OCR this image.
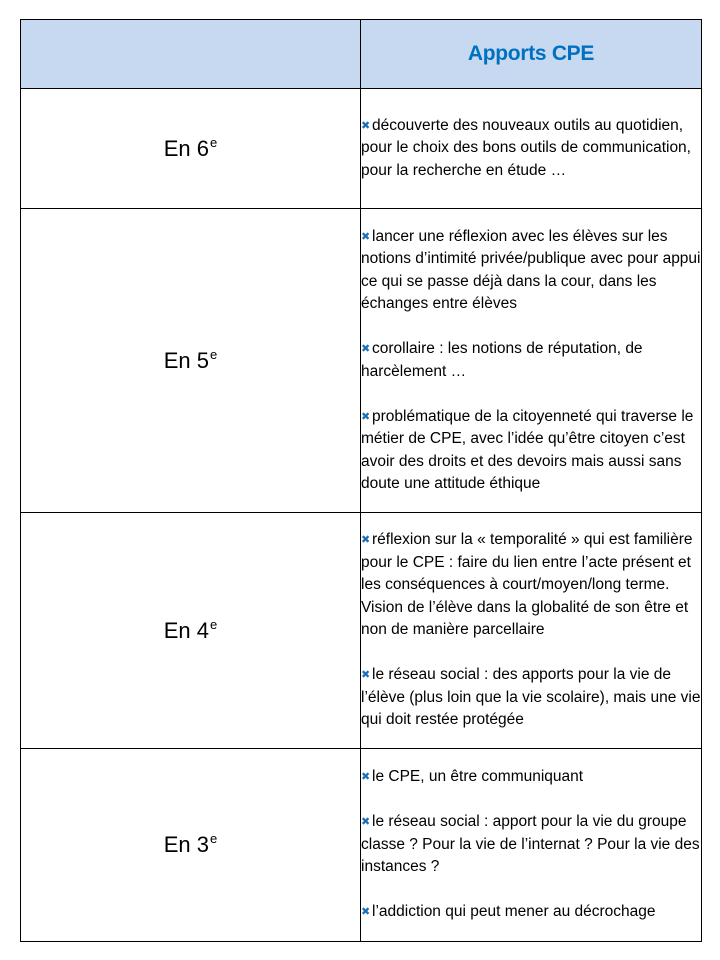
	Apports CPE
En 6e	✖ découverte des nouveaux outils au quotidien, pour le choix des bons outils de communication, pour la recherche en étude …

En 5e	✖ lancer une réflexion avec les élèves sur les notions d’intimité privée/publique avec pour appui ce qui se passe déjà dans la cour, dans les échanges entre élèves

✖ corollaire : les notions de réputation, de harcèlement …

✖ problématique de la citoyenneté qui traverse le métier de CPE, avec l’idée qu’être citoyen c’est avoir des droits et des devoirs mais aussi sans doute une attitude éthique

En 4e	✖ réflexion sur la « temporalité » qui est familière pour le CPE : faire du lien entre l’acte présent et les conséquences à court/moyen/long terme. Vision de l’élève dans la globalité de son être et non de manière parcellaire

✖ le réseau social : des apports pour la vie de l’élève (plus loin que la vie scolaire), mais une vie qui doit restée protégée

En 3e	✖ le CPE, un être communiquant

✖ le réseau social : apport pour la vie du groupe classe ? Pour la vie de l’internat ? Pour la vie des instances ?

✖ l’addiction qui peut mener au décrochage
